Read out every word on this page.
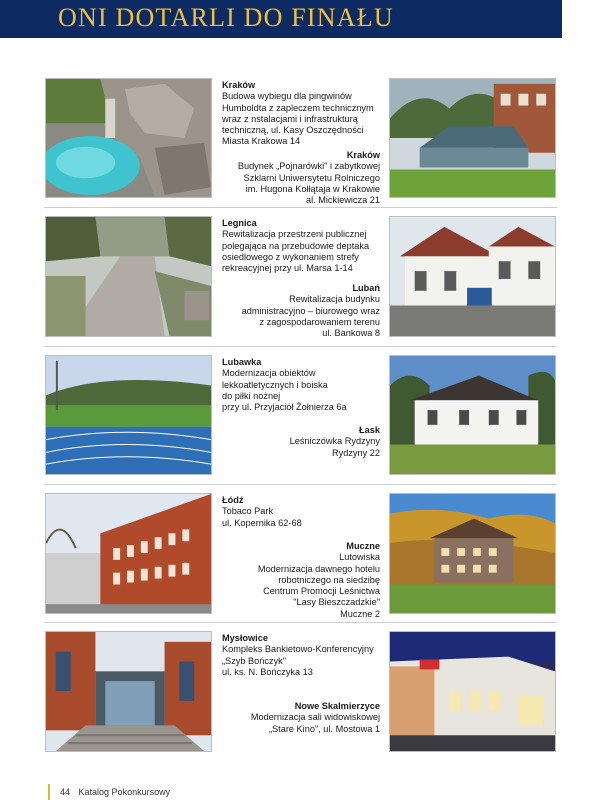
ONI DOTARLI DO FINAŁU
Kraków
Budowa wybiegu dla pingwinów
Humboldta z zapleczem technicznym
wraz z nstalacjami i infrastrukturą
techniczną, ul. Kasy Oszczędności
Miasta Krakowa 14
Kraków
Budynek „Pojnarówki" i zabytkowej
Szklarni Uniwersytetu Rolniczego
im. Hugona Kołłątaja w Krakowie
al. Mickiewicza 21
Legnica
Rewitalizacja przestrzeni publicznej
polegająca na przebudowie deptaka
osiedlowego z wykonaniem strefy
rekreacyjnej przy ul. Marsa 1-14
Lubań
Rewitalizacja budynku
administracyjno – biurowego wraz
z zagospodarowaniem terenu
ul. Bankowa 8
Lubawka
Modernizacja obiektów
lekkoatletycznych i boiska
do piłki nożnej
przy ul. Przyjaciół Żołnierza 6a
Łask
Leśniczówka Rydzyny
Rydzyny 22
Łódź
Tobaco Park
ul. Kopernika 62-68
Muczne
Lutowiska
Modernizacja dawnego hotelu
robotniczego na siedzibę
Centrum Promocji Leśnictwa
"Lasy Bieszczadzkie"
Muczne 2
Mysłowice
Kompleks Bankietowo-Konferencyjny
„Szyb Bończyk"
ul. ks. N. Bończyka 13
Nowe Skalmierzyce
Modernizacja sali widowiskowej
„Stare Kino", ul. Mostowa 1
44 Katalog Pokonkursowy
